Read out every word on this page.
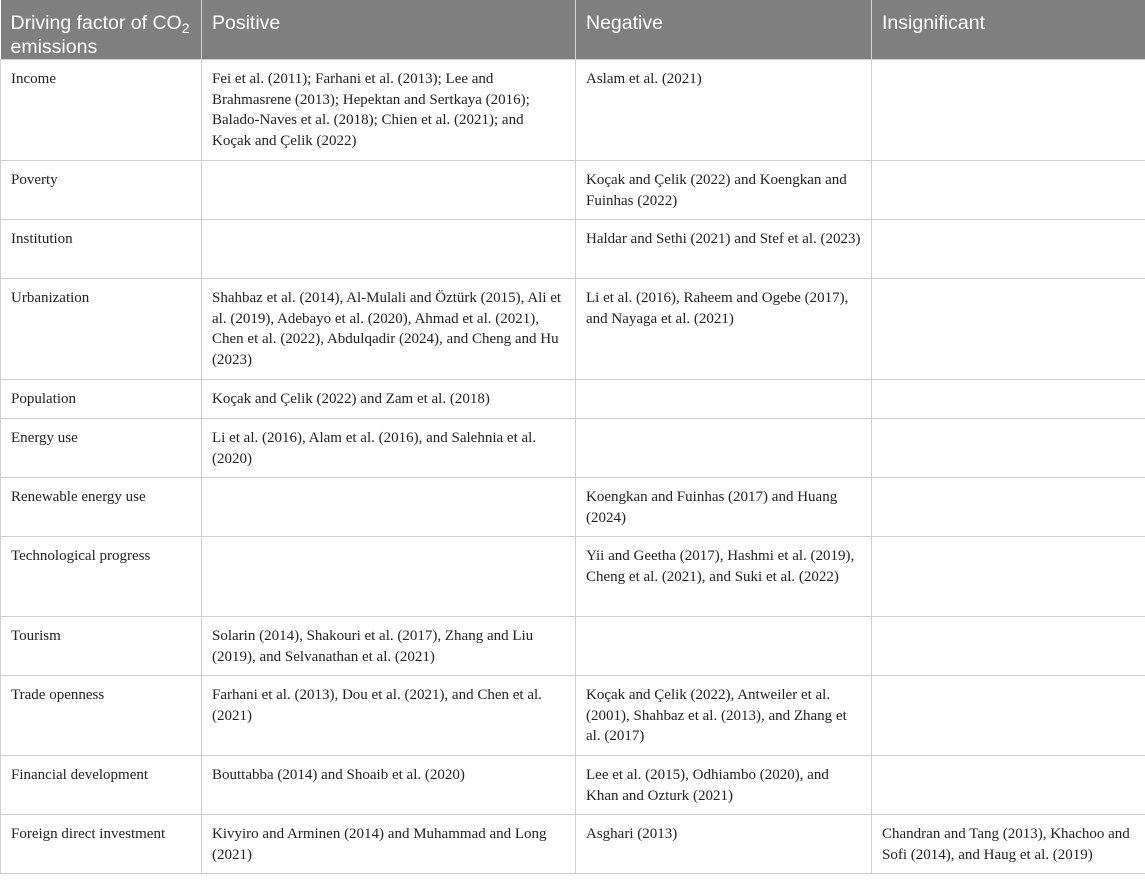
Driving factor of $CO_2$ emissions	Positive	Negative	Insignificant
Income	Fei et al. (2011); Farhani et al. (2013); Lee and Brahmasrene (2013); Hepektan and Sertkaya (2016); Balado-Naves et al. (2018); Chien et al. (2021); and Koçak and Çelik (2022)	Aslam et al. (2021)	
Poverty		Koçak and Çelik (2022) and Koengkan and Fuinhas (2022)	
Institution		Haldar and Sethi (2021) and Stef et al. (2023)	
Urbanization	Shahbaz et al. (2014), Al-Mulali and Öztürk (2015), Ali et al. (2019), Adebayo et al. (2020), Ahmad et al. (2021), Chen et al. (2022), Abdulqadir (2024), and Cheng and Hu (2023)	Li et al. (2016), Raheem and Ogebe (2017), and Nayaga et al. (2021)	
Population	Koçak and Çelik (2022) and Zam et al. (2018)		
Energy use	Li et al. (2016), Alam et al. (2016), and Salehnia et al. (2020)		
Renewable energy use		Koengkan and Fuinhas (2017) and Huang (2024)	
Technological progress		Yii and Geetha (2017), Hashmi et al. (2019), Cheng et al. (2021), and Suki et al. (2022)	
Tourism	Solarin (2014), Shakouri et al. (2017), Zhang and Liu (2019), and Selvanathan et al. (2021)		
Trade openness	Farhani et al. (2013), Dou et al. (2021), and Chen et al. (2021)	Koçak and Çelik (2022), Antweiler et al. (2001), Shahbaz et al. (2013), and Zhang et al. (2017)	
Financial development	Bouttabba (2014) and Shoaib et al. (2020)	Lee et al. (2015), Odhiambo (2020), and Khan and Ozturk (2021)	
Foreign direct investment	Kivyiro and Arminen (2014) and Muhammad and Long (2021)	Asghari (2013)	Chandran and Tang (2013), Khachoo and Sofi (2014), and Haug et al. (2019)
